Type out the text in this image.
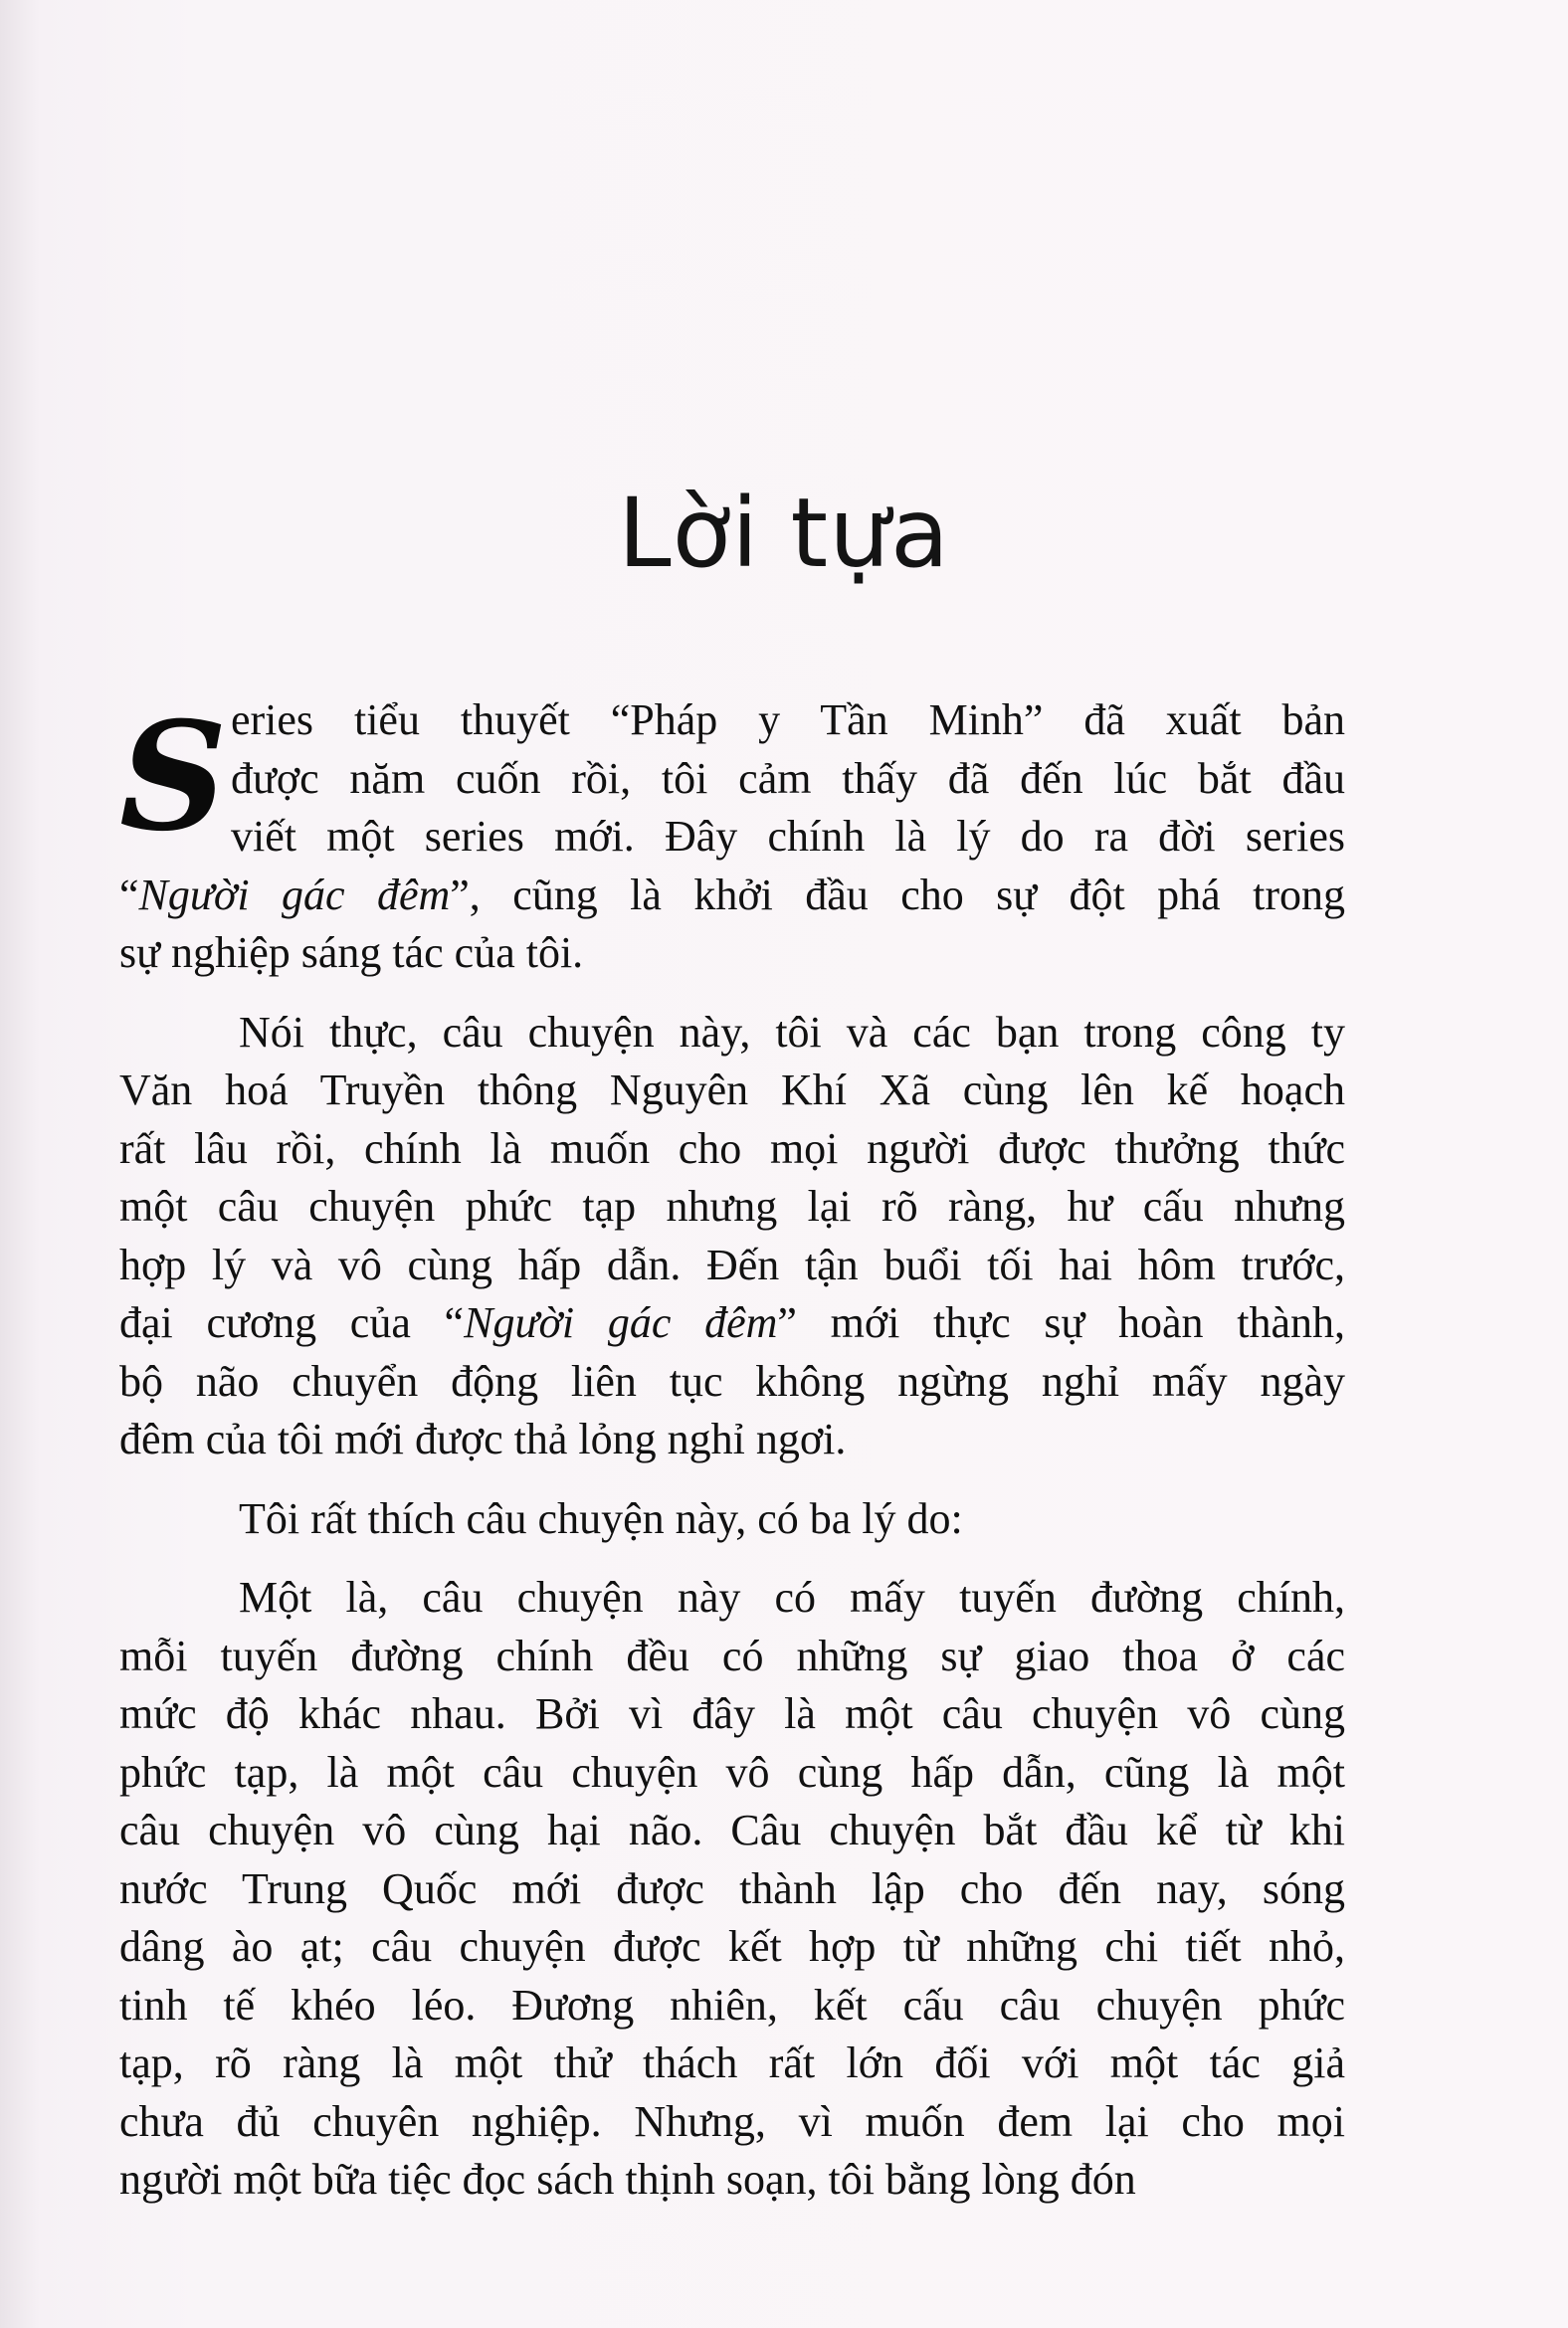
Lời tựa
S eries tiểu thuyết “Pháp y Tần Minh” đã xuất bản
được năm cuốn rồi, tôi cảm thấy đã đến lúc bắt đầu
viết một series mới. Đây chính là lý do ra đời series
“Người gác đêm”, cũng là khởi đầu cho sự đột phá trong
sự nghiệp sáng tác của tôi.
Nói thực, câu chuyện này, tôi và các bạn trong công ty
Văn hoá Truyền thông Nguyên Khí Xã cùng lên kế hoạch
rất lâu rồi, chính là muốn cho mọi người được thưởng thức
một câu chuyện phức tạp nhưng lại rõ ràng, hư cấu nhưng
hợp lý và vô cùng hấp dẫn. Đến tận buổi tối hai hôm trước,
đại cương của “Người gác đêm” mới thực sự hoàn thành,
bộ não chuyển động liên tục không ngừng nghỉ mấy ngày
đêm của tôi mới được thả lỏng nghỉ ngơi.
Tôi rất thích câu chuyện này, có ba lý do:
Một là, câu chuyện này có mấy tuyến đường chính,
mỗi tuyến đường chính đều có những sự giao thoa ở các
mức độ khác nhau. Bởi vì đây là một câu chuyện vô cùng
phức tạp, là một câu chuyện vô cùng hấp dẫn, cũng là một
câu chuyện vô cùng hại não. Câu chuyện bắt đầu kể từ khi
nước Trung Quốc mới được thành lập cho đến nay, sóng
dâng ào ạt; câu chuyện được kết hợp từ những chi tiết nhỏ,
tinh tế khéo léo. Đương nhiên, kết cấu câu chuyện phức
tạp, rõ ràng là một thử thách rất lớn đối với một tác giả
chưa đủ chuyên nghiệp. Nhưng, vì muốn đem lại cho mọi
người một bữa tiệc đọc sách thịnh soạn, tôi bằng lòng đón
